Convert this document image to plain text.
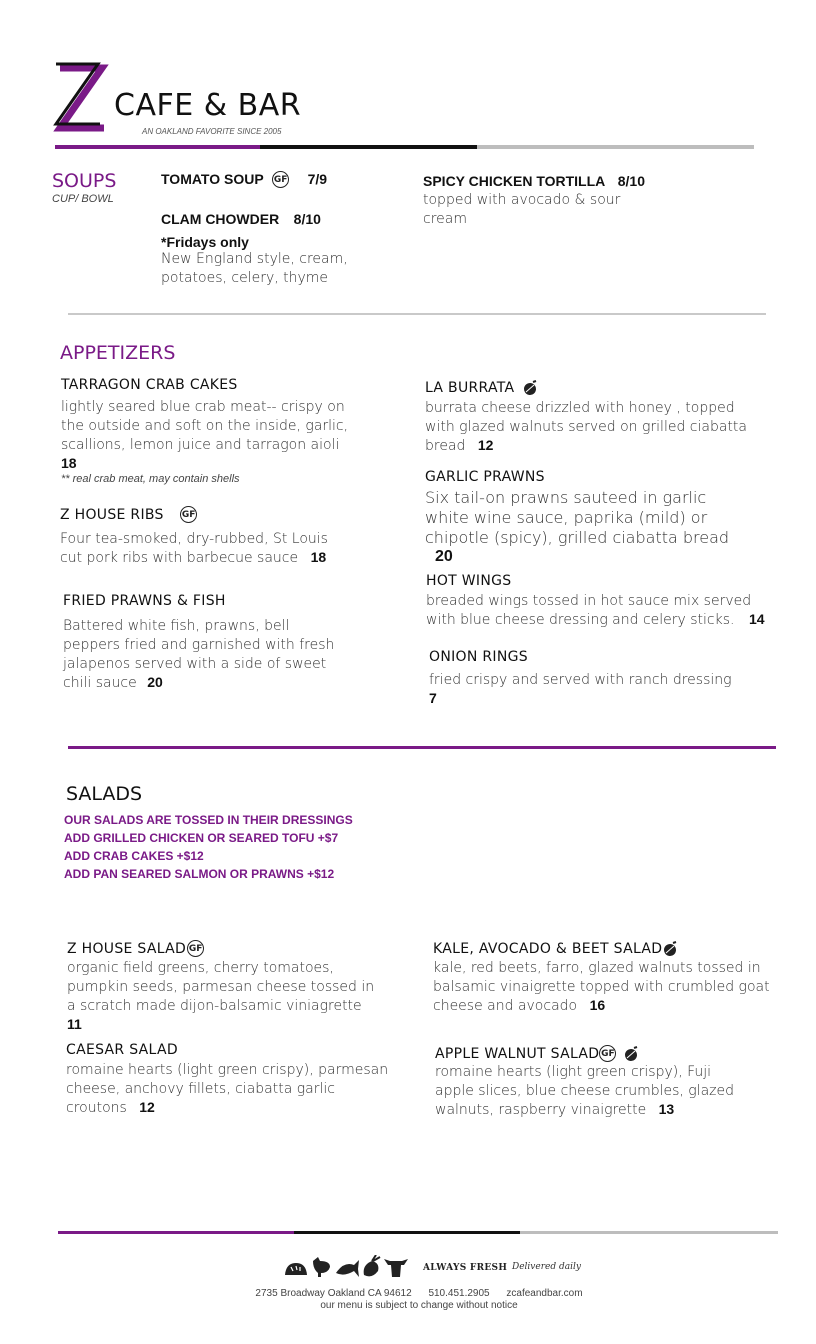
CAFE & BAR
AN OAKLAND FAVORITE SINCE 2005
SOUPS
CUP/ BOWL
TOMATO SOUP GF 7/9
CLAM CHOWDER 8/10
*Fridays only
New England style, cream, potatoes, celery, thyme
SPICY CHICKEN TORTILLA 8/10
topped with avocado & sour cream
APPETIZERS
TARRAGON CRAB CAKES
lightly seared blue crab meat-- crispy on the outside and soft on the inside, garlic, scallions, lemon juice and tarragon aioli
18
** real crab meat, may contain shells
Z HOUSE RIBS GF
Four tea-smoked, dry-rubbed, St Louis cut pork ribs with barbecue sauce 18
FRIED PRAWNS & FISH
Battered white fish, prawns, bell peppers fried and garnished with fresh jalapenos served with a side of sweet chili sauce 20
LA BURRATA
burrata cheese drizzled with honey , topped with glazed walnuts served on grilled ciabatta bread 12
GARLIC PRAWNS
Six tail-on prawns sauteed in garlic white wine sauce, paprika (mild) or chipotle (spicy), grilled ciabatta bread 20
HOT WINGS
breaded wings tossed in hot sauce mix served with blue cheese dressing and celery sticks. 14
ONION RINGS
fried crispy and served with ranch dressing
7
SALADS
OUR SALADS ARE TOSSED IN THEIR DRESSINGS
ADD GRILLED CHICKEN OR SEARED TOFU +$7
ADD CRAB CAKES +$12
ADD PAN SEARED SALMON OR PRAWNS +$12
Z HOUSE SALAD GF
organic field greens, cherry tomatoes, pumpkin seeds, parmesan cheese tossed in a scratch made dijon-balsamic viniagrette
11
CAESAR SALAD
romaine hearts (light green crispy), parmesan cheese, anchovy fillets, ciabatta garlic croutons 12
KALE, AVOCADO & BEET SALAD
kale, red beets, farro, glazed walnuts tossed in balsamic vinaigrette topped with crumbled goat cheese and avocado 16
APPLE WALNUT SALAD GF
romaine hearts (light green crispy), Fuji apple slices, blue cheese crumbles, glazed walnuts, raspberry vinaigrette 13
ALWAYS FRESH Delivered daily
2735 Broadway Oakland CA 94612 510.451.2905 zcafeandbar.com
our menu is subject to change without notice
